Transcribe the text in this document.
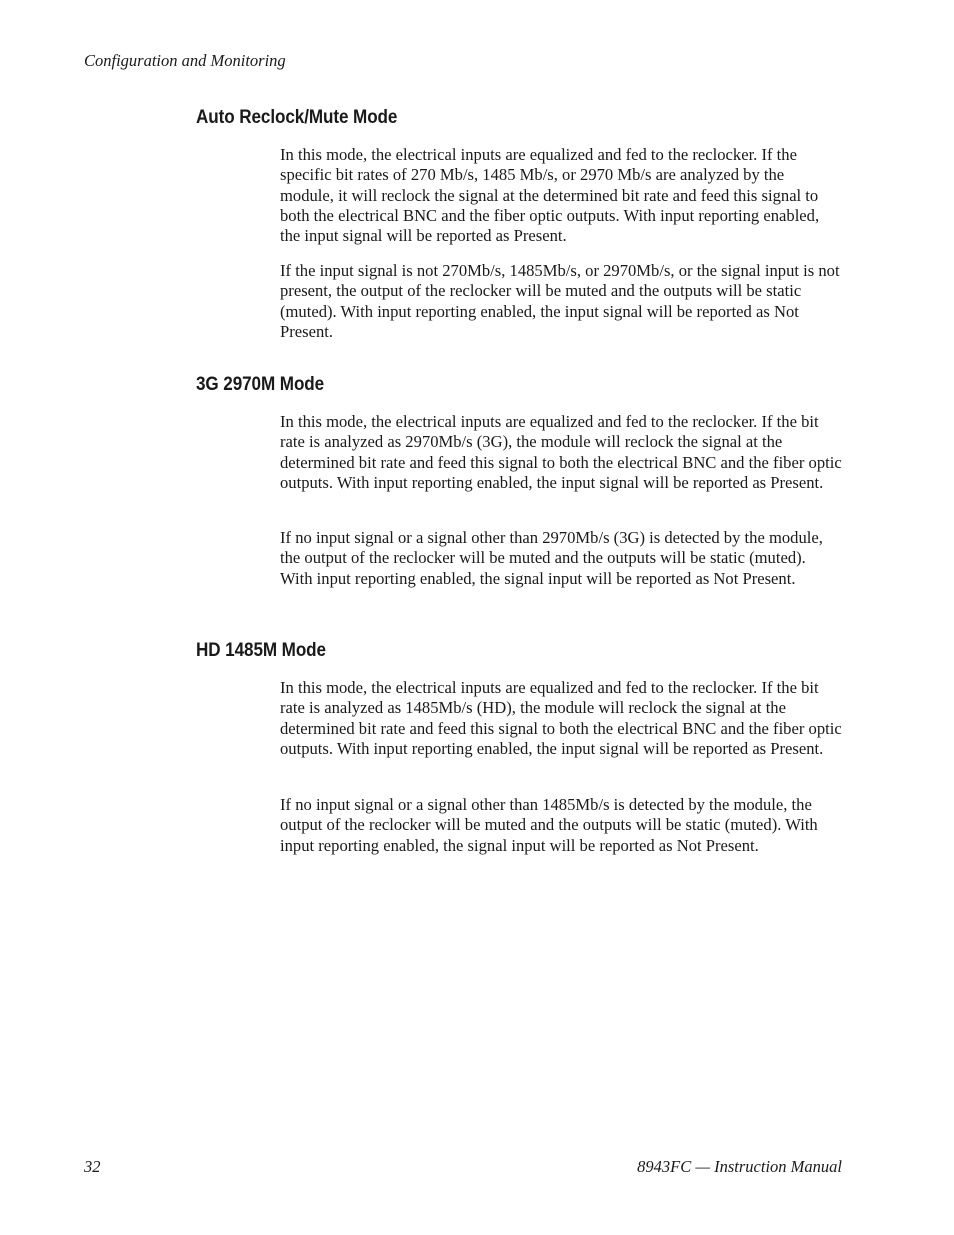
Configuration and Monitoring
Auto Reclock/Mute Mode

In this mode, the electrical inputs are equalized and fed to the reclocker. If the specific bit rates of 270 Mb/s, 1485 Mb/s, or 2970 Mb/s are analyzed by the module, it will reclock the signal at the determined bit rate and feed this signal to both the electrical BNC and the fiber optic outputs. With input reporting enabled, the input signal will be reported as Present.

If the input signal is not 270Mb/s, 1485Mb/s, or 2970Mb/s, or the signal input is not present, the output of the reclocker will be muted and the outputs will be static (muted). With input reporting enabled, the input signal will be reported as Not Present.

3G 2970M Mode

In this mode, the electrical inputs are equalized and fed to the reclocker. If the bit rate is analyzed as 2970Mb/s (3G), the module will reclock the signal at the determined bit rate and feed this signal to both the electrical BNC and the fiber optic outputs. With input reporting enabled, the input signal will be reported as Present.

If no input signal or a signal other than 2970Mb/s (3G) is detected by the module, the output of the reclocker will be muted and the outputs will be static (muted). With input reporting enabled, the signal input will be reported as Not Present.

HD 1485M Mode

In this mode, the electrical inputs are equalized and fed to the reclocker. If the bit rate is analyzed as 1485Mb/s (HD), the module will reclock the signal at the determined bit rate and feed this signal to both the electrical BNC and the fiber optic outputs. With input reporting enabled, the input signal will be reported as Present.

If no input signal or a signal other than 1485Mb/s is detected by the module, the output of the reclocker will be muted and the outputs will be static (muted). With input reporting enabled, the signal input will be reported as Not Present.

32	8943FC — Instruction Manual
